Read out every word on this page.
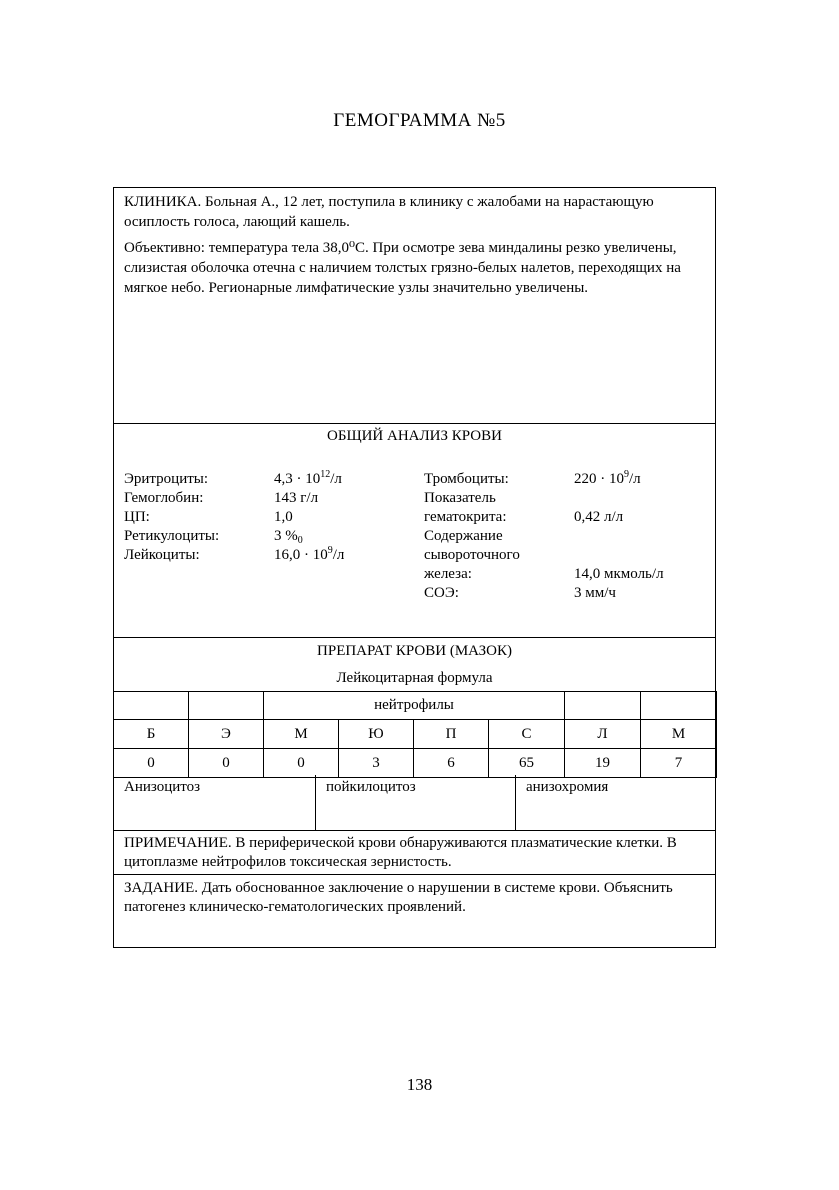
ГЕМОГРАММА №5

КЛИНИКА. Больная А., 12 лет, поступила в клинику с жалобами на нарастающую осиплость голоса, лающий кашель.

Объективно: температура тела 38,0⁰С. При осмотре зева миндалины резко увеличены, слизистая оболочка отечна с наличием толстых грязно-белых налетов, переходящих на мягкое небо. Регионарные лимфатические узлы значительно увеличены.

ОБЩИЙ АНАЛИЗ КРОВИ
Эритроциты:	$4,3 \cdot 10^{12}/л$
Гемоглобин:	143 г/л
ЦП:	1,0
Ретикулоциты:	3 $\%_0$
Лейкоциты:	$16,0 \cdot 10^9/л$
Тромбоциты:	$220 \cdot 10^9/л$
Показатель
гематокрита:	0,42 л/л
Содержание
сывороточного
железа:	14,0 мкмоль/л
СОЭ:	3 мм/ч
ПРЕПАРАТ КРОВИ (МАЗОК)
Лейкоцитарная формула
		нейтрофилы					
Б	Э	М	Ю	П	С	Л	М
0	0	0	3	6	65	19	7
Анизоцитоз	пойкилоцитоз	анизохромия
ПРИМЕЧАНИЕ. В периферической крови обнаруживаются плазматические клетки. В цитоплазме нейтрофилов токсическая зернистость.
ЗАДАНИЕ. Дать обоснованное заключение о нарушении в системе крови. Объяснить патогенез клиническо-гематологических проявлений.
138
